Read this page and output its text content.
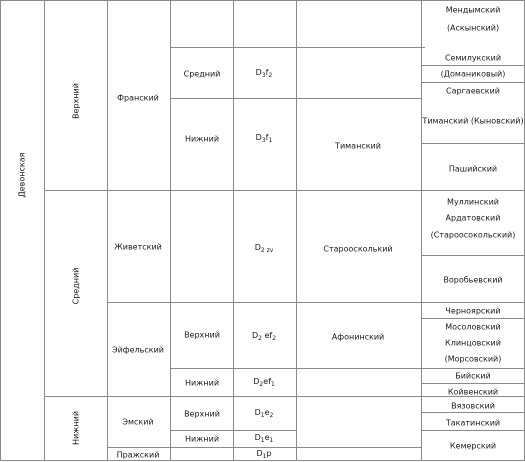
Девонская
Верхний
Средний
Нижний
Франский
Живетский
Эйфельский
Эмский
Пражский
Средний
Нижний
Верхний
Нижний
Верхний
Нижний
$D_3f_2$
$D_3f_1$
$D_{2 zv}$
$D_2$ $ef_2$
$D_2ef_1$
$D_1e_2$
$D_1e_1$
$D_1p$
Тиманский
Староосколький
Афонинский
Мендымский
(Аскынский)
Семилукский
(Доманиковый)
Саргаевский
Тиманский (Кыновский)
Пашийский
Муллинский
Ардатовский
(Староосокольский)
Воробьевский
Черноярский
Мосоловский
Клинцовский
(Морсовский)
Бийский
Койвенский
Вязовский
Такатинский
Кемерский
